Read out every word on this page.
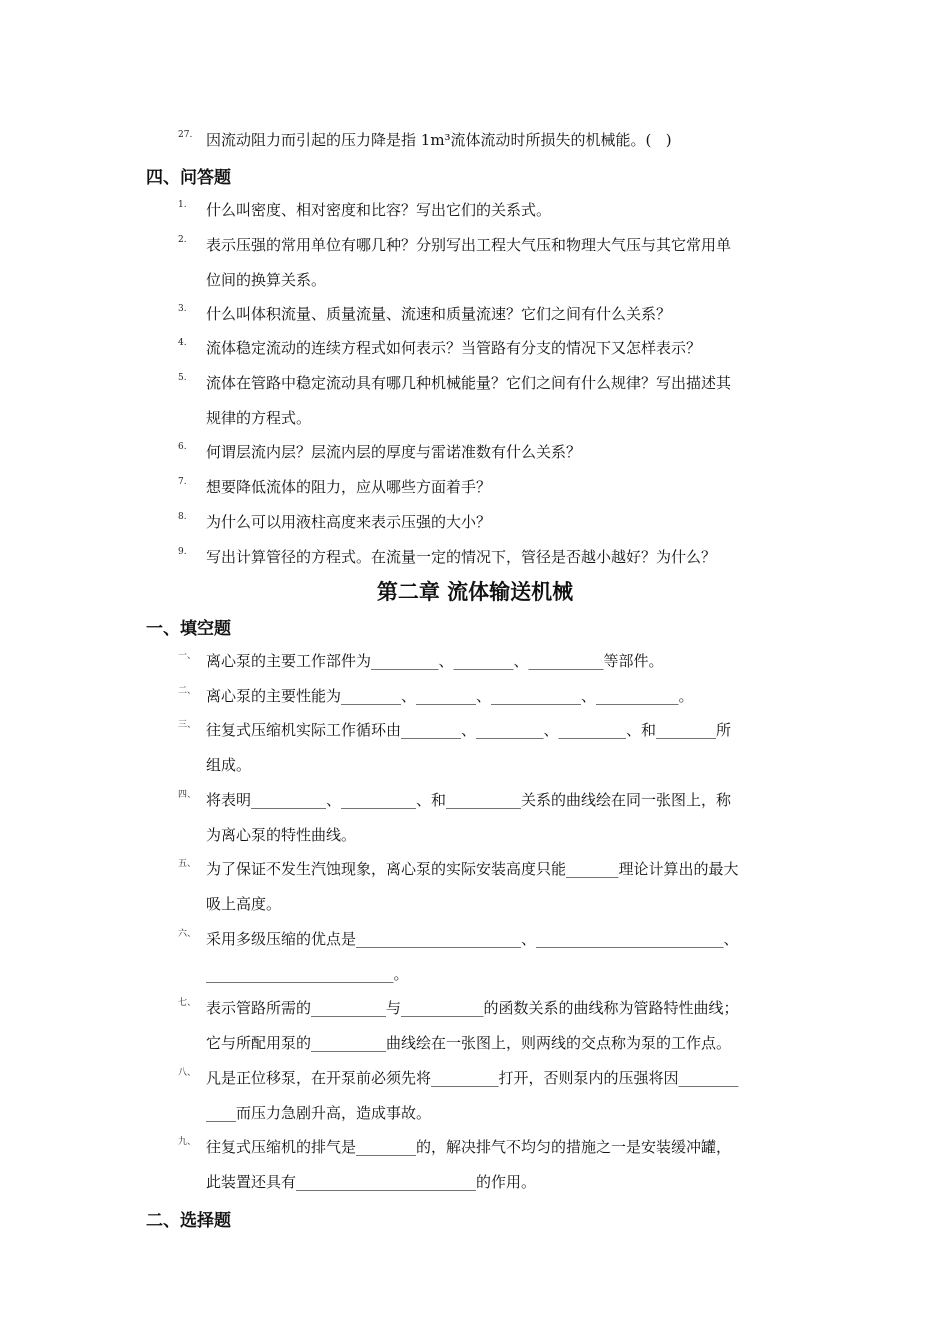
27. 因流动阻力而引起的压力降是指 1m³流体流动时所损失的机械能。(   )
四、问答题
1. 什么叫密度、相对密度和比容？写出它们的关系式。
2. 表示压强的常用单位有哪几种？分别写出工程大气压和物理大气压与其它常用单
位间的换算关系。
3. 什么叫体积流量、质量流量、流速和质量流速？它们之间有什么关系？
4. 流体稳定流动的连续方程式如何表示？当管路有分支的情况下又怎样表示？
5. 流体在管路中稳定流动具有哪几种机械能量？它们之间有什么规律？写出描述其
规律的方程式。
6. 何谓层流内层？层流内层的厚度与雷诺准数有什么关系？
7. 想要降低流体的阻力，应从哪些方面着手？
8. 为什么可以用液柱高度来表示压强的大小？
9. 写出计算管径的方程式。在流量一定的情况下，管径是否越小越好？为什么？
第二章 流体输送机械
一、填空题
一、 离心泵的主要工作部件为_________、________、__________等部件。
二、 离心泵的主要性能为________、________、____________、___________。
三、 往复式压缩机实际工作循环由________、_________、_________、和________所
组成。
四、 将表明__________、__________、和__________关系的曲线绘在同一张图上，称
为离心泵的特性曲线。
五、 为了保证不发生汽蚀现象，离心泵的实际安装高度只能_______理论计算出的最大
吸上高度。
六、 采用多级压缩的优点是______________________、_________________________、
_________________________。
七、 表示管路所需的__________与___________的函数关系的曲线称为管路特性曲线；
它与所配用泵的__________曲线绘在一张图上，则两线的交点称为泵的工作点。
八、 凡是正位移泵，在开泵前必须先将_________打开，否则泵内的压强将因________
____而压力急剧升高，造成事故。
九、 往复式压缩机的排气是________的，解决排气不均匀的措施之一是安装缓冲罐，
此装置还具有________________________的作用。
二、选择题
